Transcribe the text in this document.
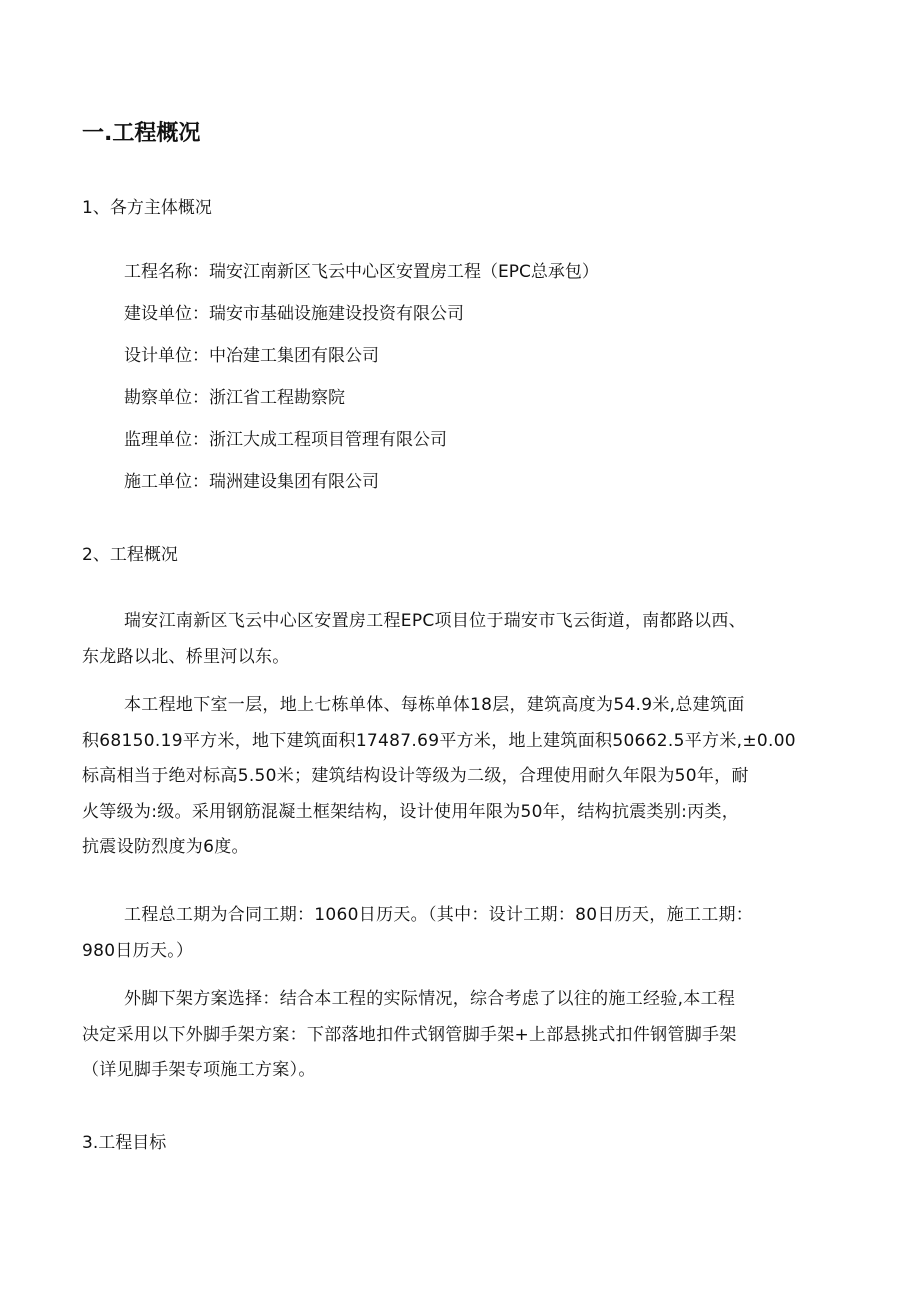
一.工程概况
1、各方主体概况
工程名称：瑞安江南新区飞云中心区安置房工程（EPC总承包）
建设单位：瑞安市基础设施建设投资有限公司
设计单位：中冶建工集团有限公司
勘察单位：浙江省工程勘察院
监理单位：浙江大成工程项目管理有限公司
施工单位：瑞洲建设集团有限公司
2、工程概况
瑞安江南新区飞云中心区安置房工程EPC项目位于瑞安市飞云街道，南都路以西、
东龙路以北、桥里河以东。
本工程地下室一层，地上七栋单体、每栋单体18层，建筑高度为54.9米,总建筑面
积68150.19平方米，地下建筑面积17487.69平方米，地上建筑面积50662.5平方米,±0.00
标高相当于绝对标高5.50米；建筑结构设计等级为二级，合理使用耐久年限为50年，耐
火等级为:级。采用钢筋混凝土框架结构，设计使用年限为50年，结构抗震类别:丙类，
抗震设防烈度为6度。
工程总工期为合同工期：1060日历天。（其中：设计工期：80日历天，施工工期：
980日历天。）
外脚下架方案选择：结合本工程的实际情况，综合考虑了以往的施工经验,本工程
决定采用以下外脚手架方案：下部落地扣件式钢管脚手架+上部悬挑式扣件钢管脚手架
（详见脚手架专项施工方案）。
3.工程目标
